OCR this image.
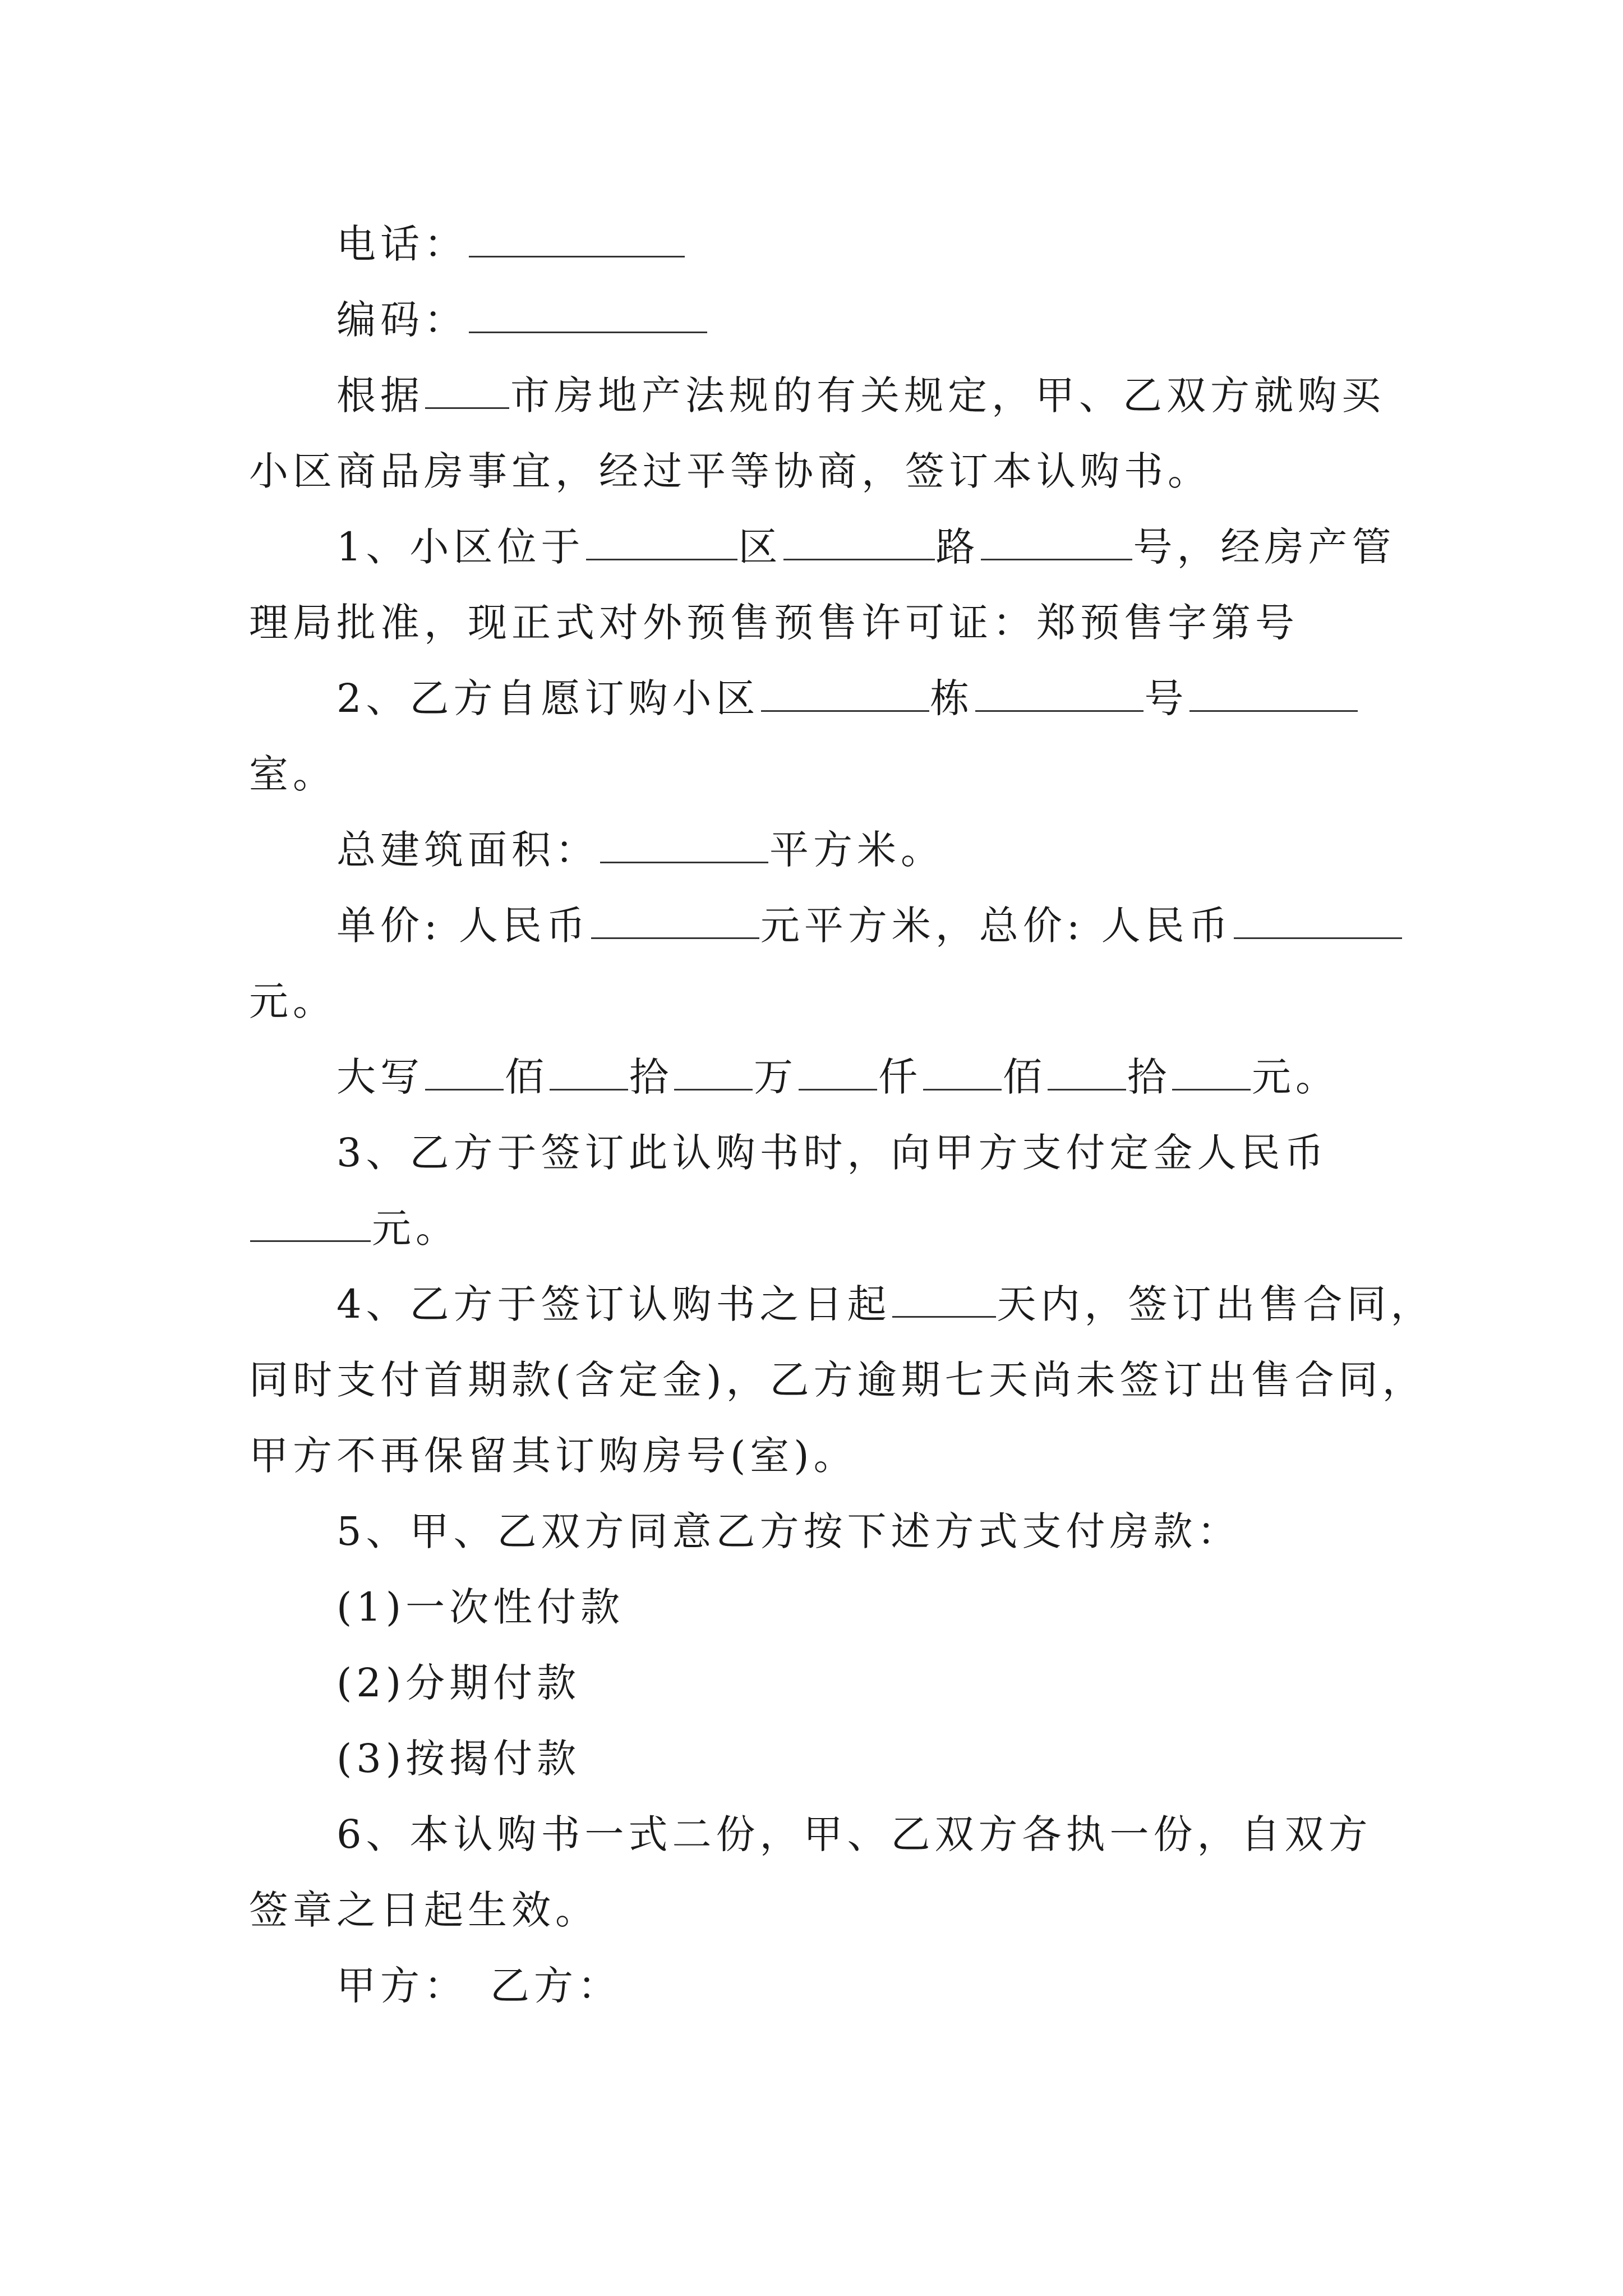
电话：
编码：
根据 市房地产法规的有关规定，甲、乙双方就购买
小区商品房事宜，经过平等协商，签订本认购书。
1、小区位于	区	路	号，经房产管
理局批准，现正式对外预售预售许可证：郑预售字第号
2、乙方自愿订购小区	栋	号
室。
总建筑面积：	平方米。
单价: 人民币	元平方米，总价: 人民币
元。
大写 佰 拾 万 仟 佰 拾 元。
3、乙方于签订此认购书时，向甲方支付定金人民币
元。
4、乙方于签订认购书之日起	天内，签订出售合同，
同时支付首期款(含定金)，乙方逾期七天尚未签订出售合同，
甲方不再保留其订购房号(室)。
5、甲、乙双方同意乙方按下述方式支付房款：
(1)一次性付款
(2)分期付款
(3)按揭付款
6、本认购书一式二份，甲、乙双方各执一份，自双方
签章之日起生效。
甲方： 乙方：
